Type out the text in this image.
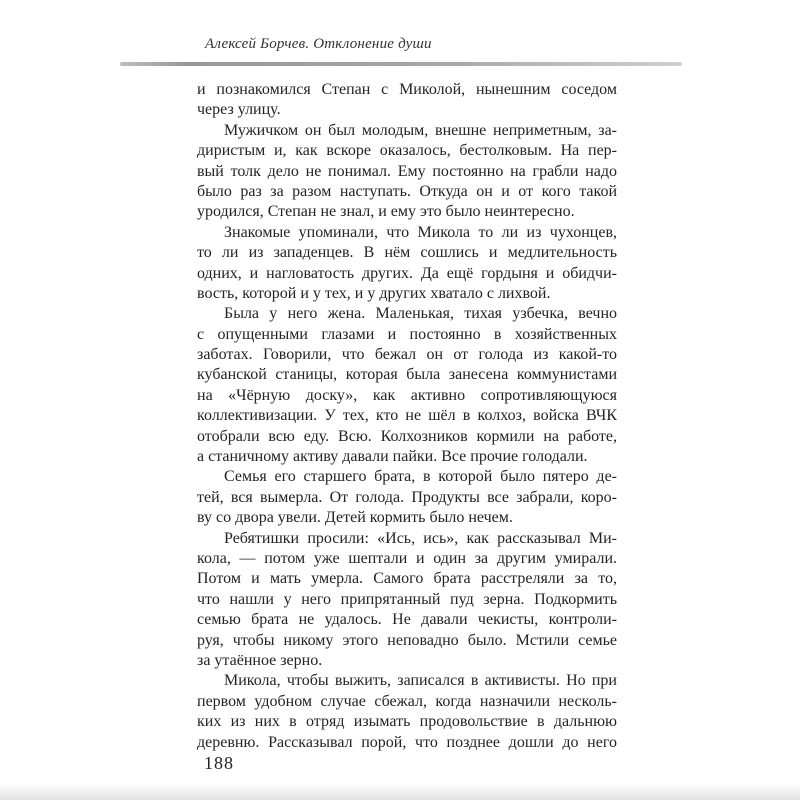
Алексей Борчев. Отклонение души
и познакомился Степан с Миколой, нынешним соседом
через улицу.
Мужичком он был молодым, внешне неприметным, за-
диристым и, как вскоре оказалось, бестолковым. На пер-
вый толк дело не понимал. Ему постоянно на грабли надо
было раз за разом наступать. Откуда он и от кого такой
уродился, Степан не знал, и ему это было неинтересно.
Знакомые упоминали, что Микола то ли из чухонцев,
то ли из западенцев. В нём сошлись и медлительность
одних, и нагловатость других. Да ещё гордыня и обидчи-
вость, которой и у тех, и у других хватало с лихвой.
Была у него жена. Маленькая, тихая узбечка, вечно
с опущенными глазами и постоянно в хозяйственных
заботах. Говорили, что бежал он от голода из какой-то
кубанской станицы, которая была занесена коммунистами
на «Чёрную доску», как активно сопротивляющуюся
коллективизации. У тех, кто не шёл в колхоз, войска ВЧК
отобрали всю еду. Всю. Колхозников кормили на работе,
а станичному активу давали пайки. Все прочие голодали.
Семья его старшего брата, в которой было пятеро де-
тей, вся вымерла. От голода. Продукты все забрали, коро-
ву со двора увели. Детей кормить было нечем.
Ребятишки просили: «Ись, ись», как рассказывал Ми-
кола, — потом уже шептали и один за другим умирали.
Потом и мать умерла. Самого брата расстреляли за то,
что нашли у него припрятанный пуд зерна. Подкормить
семью брата не удалось. Не давали чекисты, контроли-
руя, чтобы никому этого неповадно было. Мстили семье
за утаённое зерно.
Микола, чтобы выжить, записался в активисты. Но при
первом удобном случае сбежал, когда назначили несколь-
ких из них в отряд изымать продовольствие в дальнюю
деревню. Рассказывал порой, что позднее дошли до него
188
